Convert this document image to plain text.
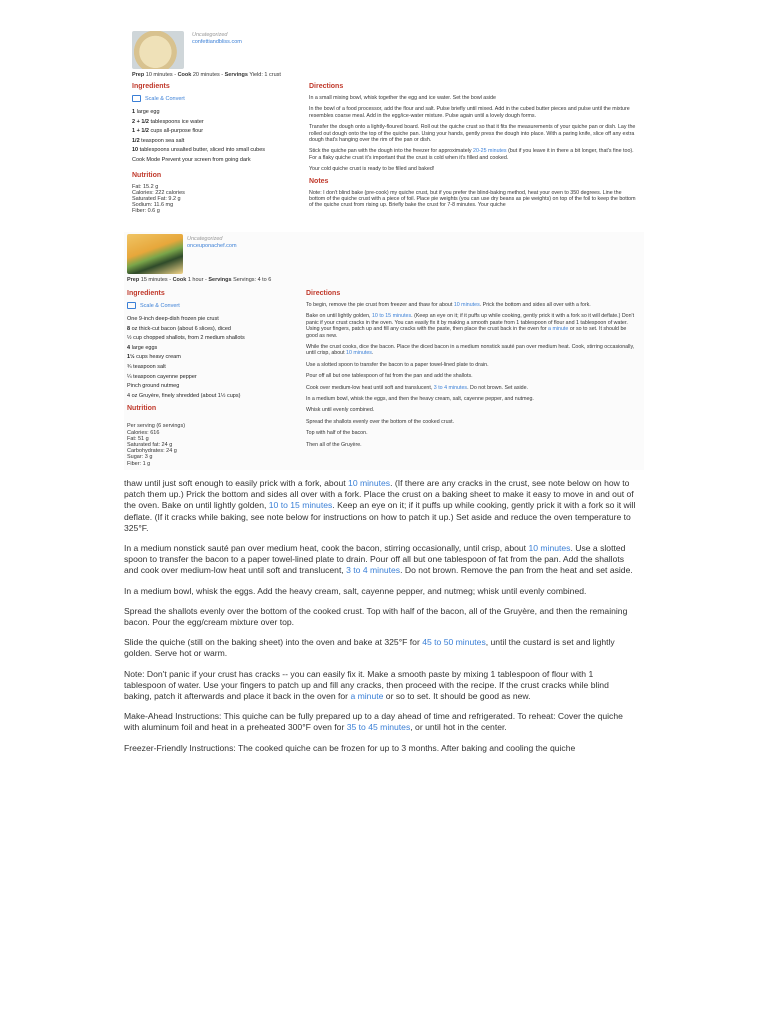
Uncategorized
confettiandbliss.com
Prep 10 minutes - Cook 20 minutes - Servings Yield: 1 crust
Ingredients
Scale & Convert
1 large egg
2 + 1/2 tablespoons ice water
1 + 1/2 cups all-purpose flour
1/2 teaspoon sea salt
10 tablespoons unsalted butter, sliced into small cubes
Cook Mode Prevent your screen from going dark
Nutrition
Fat: 15.2 g
Calories: 222 calories
Saturated Fat: 9.2 g
Sodium: 11.6 mg
Fiber: 0.6 g
Directions

In a small mixing bowl, whisk together the egg and ice water. Set the bowl aside

In the bowl of a food processor, add the flour and salt. Pulse briefly until mixed. Add in the cubed butter pieces and pulse until the mixture resembles coarse meal. Add in the egg/ice-water mixture. Pulse again until a lovely dough forms.

Transfer the dough onto a lightly-floured board. Roll out the quiche crust so that it fits the measurements of your quiche pan or dish. Lay the rolled out dough onto the top of the quiche pan. Using your hands, gently press the dough into place. With a paring knife, slice off any extra dough that's hanging over the rim of the pan or dish.

Stick the quiche pan with the dough into the freezer for approximately 20-25 minutes (but if you leave it in there a bit longer, that's fine too). For a flaky quiche crust it's important that the crust is cold when it's filled and cooked.

Your cold quiche crust is ready to be filled and baked!

Notes

Note: I don't blind bake (pre-cook) my quiche crust, but if you prefer the blind-baking method, heat your oven to 350 degrees. Line the bottom of the quiche crust with a piece of foil. Place pie weights (you can use dry beans as pie weights) on top of the foil to keep the bottom of the quiche crust from rising up. Briefly bake the crust for 7-8 minutes. Your quiche

Uncategorized
onceuponachef.com
Prep 15 minutes - Cook 1 hour - Servings Servings: 4 to 6
Ingredients
Scale & Convert
One 9-inch deep-dish frozen pie crust
8 oz thick-cut bacon (about 6 slices), diced
½ cup chopped shallots, from 2 medium shallots
4 large eggs
1½ cups heavy cream
¾ teaspoon salt
¼ teaspoon cayenne pepper
Pinch ground nutmeg
4 oz Gruyère, finely shredded (about 1½ cups)
Nutrition
Per serving (6 servings)
Calories: 616
Fat: 51 g
Saturated fat: 24 g
Carbohydrates: 24 g
Sugar: 3 g
Fiber: 1 g
Directions

To begin, remove the pie crust from freezer and thaw for about 10 minutes. Prick the bottom and sides all over with a fork.

Bake on until lightly golden, 10 to 15 minutes. (Keep an eye on it; if it puffs up while cooking, gently prick it with a fork so it will deflate.) Don't panic if your crust cracks in the oven. You can easily fix it by making a smooth paste from 1 tablespoon of flour and 1 tablespoon of water. Using your fingers, patch up and fill any cracks with the paste, then place the crust back in the oven for a minute or so to set. It should be good as new.

While the crust cooks, dice the bacon. Place the diced bacon in a medium nonstick sauté pan over medium heat. Cook, stirring occasionally, until crisp, about 10 minutes.

Use a slotted spoon to transfer the bacon to a paper towel-lined plate to drain.

Pour off all but one tablespoon of fat from the pan and add the shallots.

Cook over medium-low heat until soft and translucent, 3 to 4 minutes. Do not brown. Set aside.

In a medium bowl, whisk the eggs, and then the heavy cream, salt, cayenne pepper, and nutmeg.

Whisk until evenly combined.

Spread the shallots evenly over the bottom of the cooked crust.

Top with half of the bacon.

Then all of the Gruyère.

thaw until just soft enough to easily prick with a fork, about 10 minutes. (If there are any cracks in the crust, see note below on how to patch them up.) Prick the bottom and sides all over with a fork. Place the crust on a baking sheet to make it easy to move in and out of the oven. Bake on until lightly golden, 10 to 15 minutes. Keep an eye on it; if it puffs up while cooking, gently prick it with a fork so it will deflate. (If it cracks while baking, see note below for instructions on how to patch it up.) Set aside and reduce the oven temperature to 325°F.

In a medium nonstick sauté pan over medium heat, cook the bacon, stirring occasionally, until crisp, about 10 minutes. Use a slotted spoon to transfer the bacon to a paper towel-lined plate to drain. Pour off all but one tablespoon of fat from the pan. Add the shallots and cook over medium-low heat until soft and translucent, 3 to 4 minutes. Do not brown. Remove the pan from the heat and set aside.

In a medium bowl, whisk the eggs. Add the heavy cream, salt, cayenne pepper, and nutmeg; whisk until evenly combined.

Spread the shallots evenly over the bottom of the cooked crust. Top with half of the bacon, all of the Gruyère, and then the remaining bacon. Pour the egg/cream mixture over top.

Slide the quiche (still on the baking sheet) into the oven and bake at 325°F for 45 to 50 minutes, until the custard is set and lightly golden. Serve hot or warm.

Note: Don't panic if your crust has cracks -- you can easily fix it. Make a smooth paste by mixing 1 tablespoon of flour with 1 tablespoon of water. Use your fingers to patch up and fill any cracks, then proceed with the recipe. If the crust cracks while blind baking, patch it afterwards and place it back in the oven for a minute or so to set. It should be good as new.

Make-Ahead Instructions: This quiche can be fully prepared up to a day ahead of time and refrigerated. To reheat: Cover the quiche with aluminum foil and heat in a preheated 300°F oven for 35 to 45 minutes, or until hot in the center.

Freezer-Friendly Instructions: The cooked quiche can be frozen for up to 3 months. After baking and cooling the quiche
